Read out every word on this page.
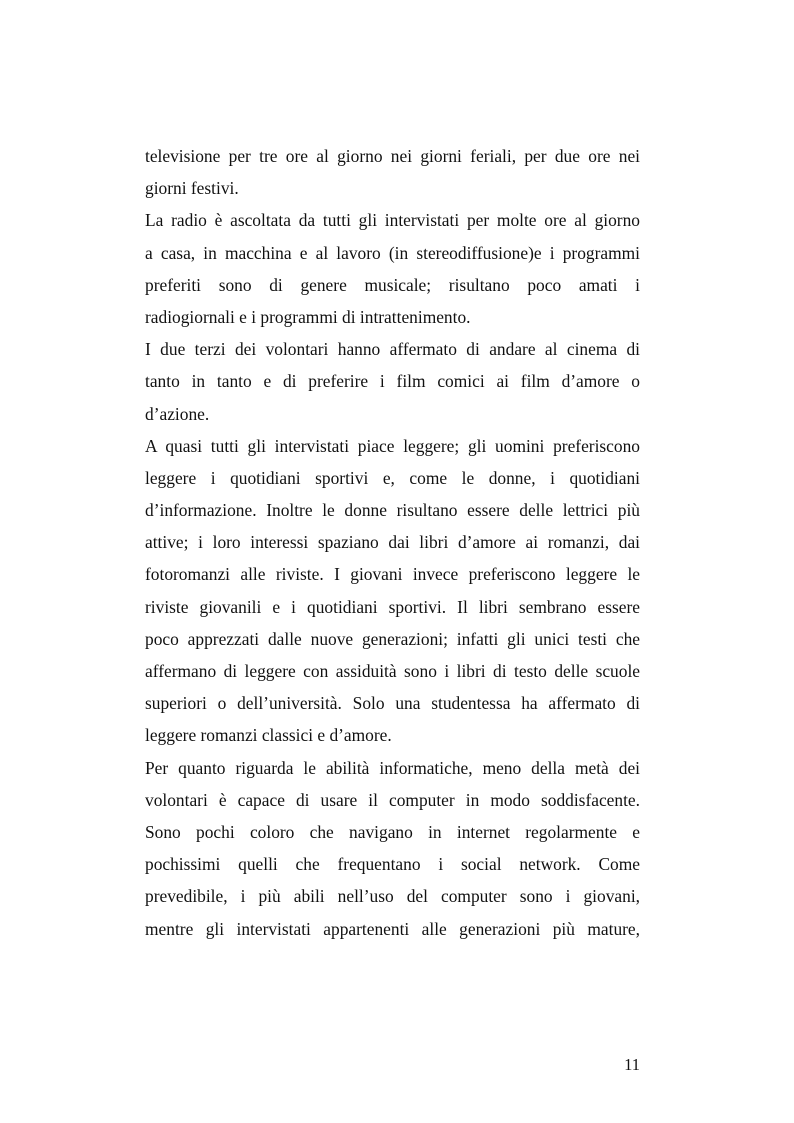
televisione per tre ore al giorno nei giorni feriali, per due ore nei
giorni festivi.
La radio è ascoltata da tutti gli intervistati per molte ore al giorno
a casa, in macchina e al lavoro (in stereodiffusione)e i programmi
preferiti sono di genere musicale; risultano poco amati i
radiogiornali e i programmi di intrattenimento.
I due terzi dei volontari hanno affermato di andare al cinema di
tanto in tanto e di preferire i film comici ai film d’amore o
d’azione.
A quasi tutti gli intervistati piace leggere; gli uomini preferiscono
leggere i quotidiani sportivi e, come le donne, i quotidiani
d’informazione. Inoltre le donne risultano essere delle lettrici più
attive; i loro interessi spaziano dai libri d’amore ai romanzi, dai
fotoromanzi alle riviste. I giovani invece preferiscono leggere le
riviste giovanili e i quotidiani sportivi. Il libri sembrano essere
poco apprezzati dalle nuove generazioni; infatti gli unici testi che
affermano di leggere con assiduità sono i libri di testo delle scuole
superiori o dell’università. Solo una studentessa ha affermato di
leggere romanzi classici e d’amore.
Per quanto riguarda le abilità informatiche, meno della metà dei
volontari è capace di usare il computer in modo soddisfacente.
Sono pochi coloro che navigano in internet regolarmente e
pochissimi quelli che frequentano i social network. Come
prevedibile, i più abili nell’uso del computer sono i giovani,
mentre gli intervistati appartenenti alle generazioni più mature,
11
